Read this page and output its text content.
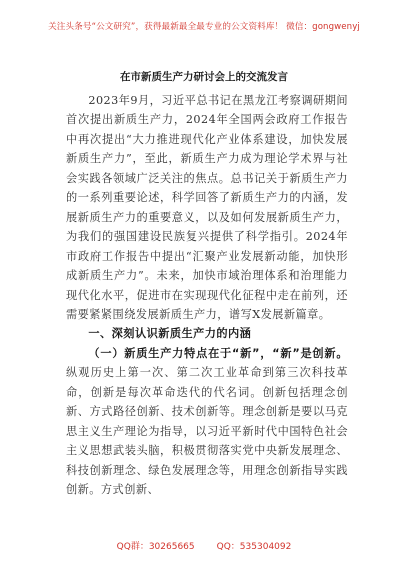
关注头条号“公文研究”，获得最新最全最专业的公文资料库！ 微信：gongwenyj
在市新质生产力研讨会上的交流发言

2023年9月，习近平总书记在黑龙江考察调研期间首次提出新质生产力，2024年全国两会政府工作报告中再次提出“大力推进现代化产业体系建设，加快发展新质生产力”，至此，新质生产力成为理论学术界与社会实践各领域广泛关注的焦点。总书记关于新质生产力的一系列重要论述，科学回答了新质生产力的内涵，发展新质生产力的重要意义，以及如何发展新质生产力，为我们的强国建设民族复兴提供了科学指引。2024年市政府工作报告中提出“汇聚产业发展新动能，加快形成新质生产力”。未来，加快市域治理体系和治理能力现代化水平，促进市在实现现代化征程中走在前列，还需要紧紧围绕发展新质生产力，谱写X发展新篇章。

一、深刻认识新质生产力的内涵

（一）新质生产力特点在于“新”，“新”是创新。纵观历史上第一次、第二次工业革命到第三次科技革命，创新是每次革命迭代的代名词。创新包括理念创新、方式路径创新、技术创新等。理念创新是要以马克思主义生产理论为指导，以习近平新时代中国特色社会主义思想武装头脑，积极贯彻落实党中央新发展理念、科技创新理念、绿色发展理念等，用理念创新指导实践创新。方式创新、

QQ群：30265665 QQ：535304092
